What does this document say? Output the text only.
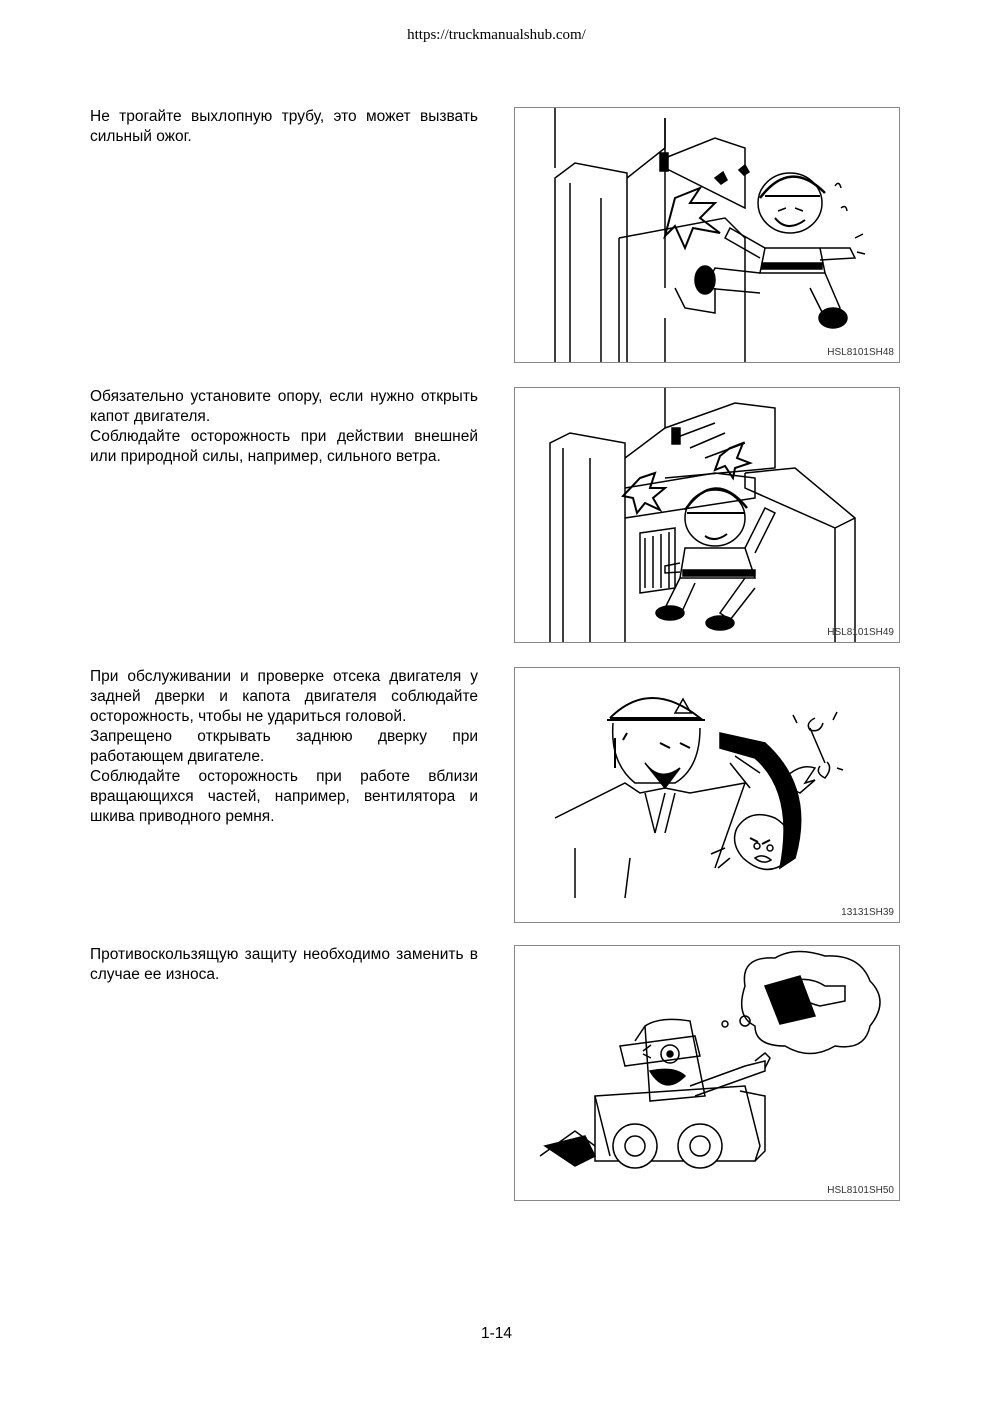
https://truckmanualshub.com/

Не трогайте выхлопную трубу, это может вызвать сильный ожог.

HSL8101SH48

Обязательно установите опору, если нужно открыть капот двигателя.

Соблюдайте осторожность при действии внешней или природной силы, например, сильного ветра.

HSL8101SH49

При обслуживании и проверке отсека двигателя у задней дверки и капота двигателя соблюдайте осторожность, чтобы не удариться головой.

Запрещено открывать заднюю дверку при работающем двигателе.

Соблюдайте осторожность при работе вблизи вращающихся частей, например, вентилятора и шкива приводного ремня.

13131SH39

Противоскользящую защиту необходимо заменить в случае ее износа.

HSL8101SH50
1-14
